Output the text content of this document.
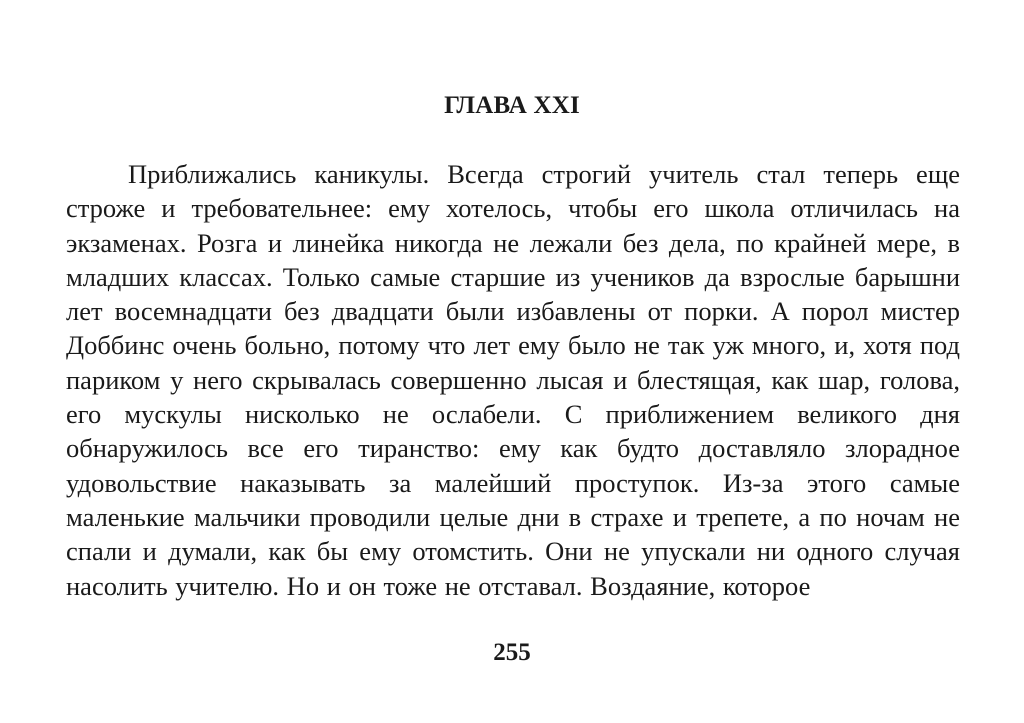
ГЛАВА XXI

Приближались каникулы. Всегда строгий учитель стал теперь еще строже и требовательнее: ему хотелось, чтобы его школа отличилась на экзаменах. Розга и линейка никогда не лежали без дела, по крайней мере, в младших классах. Только самые старшие из учеников да взрослые барышни лет восемнадцати без двадцати были избавлены от порки. А порол мистер Доббинс очень больно, потому что лет ему было не так уж много, и, хотя под париком у него скрывалась совершенно лысая и блестящая, как шар, голова, его мускулы нисколько не ослабели. С приближением великого дня обнаружилось все его тиранство: ему как будто доставляло злорадное удовольствие наказывать за малейший проступок. Из-за этого самые маленькие мальчики проводили целые дни в страхе и трепете, а по ночам не спали и думали, как бы ему отомстить. Они не упускали ни одного случая насолить учителю. Но и он тоже не отставал. Воздаяние, которое

255
